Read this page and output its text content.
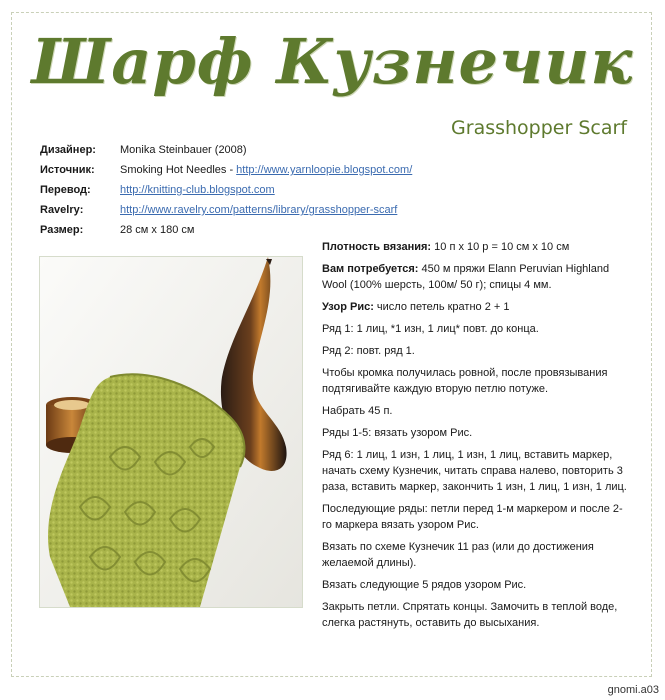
Шарф Кузнечик
Grasshopper Scarf
Дизайнер:	Monika Steinbauer (2008)
Источник:	Smoking Hot Needles - http://www.yarnloopie.blogspot.com/
Перевод:	http://knitting-club.blogspot.com
Ravelry:	http://www.ravelry.com/patterns/library/grasshopper-scarf
Размер:	28 см х 180 см

Плотность вязания: 10 п х 10 р = 10 см х 10 см

Вам потребуется: 450 м пряжи Elann Peruvian Highland Wool (100% шерсть, 100м/ 50 г); спицы 4 мм.

Узор Рис: число петель кратно 2 + 1

Ряд 1: 1 лиц, *1 изн, 1 лиц* повт. до конца.

Ряд 2: повт. ряд 1.

Чтобы кромка получилась ровной, после провязывания подтягивайте каждую вторую петлю потуже.

Набрать 45 п.

Ряды 1-5: вязать узором Рис.

Ряд 6: 1 лиц, 1 изн, 1 лиц, 1 изн, 1 лиц, вставить маркер, начать схему Кузнечик, читать справа налево, повторить 3 раза, вставить маркер, закончить 1 изн, 1 лиц, 1 изн, 1 лиц.

Последующие ряды: петли перед 1-м маркером и после 2-го маркера вязать узором Рис.

Вязать по схеме Кузнечик 11 раз (или до достижения желаемой длины).

Вязать следующие 5 рядов узором Рис.

Закрыть петли. Спрятать концы. Замочить в теплой воде, слегка растянуть, оставить до высыхания.

gnomi.a03
